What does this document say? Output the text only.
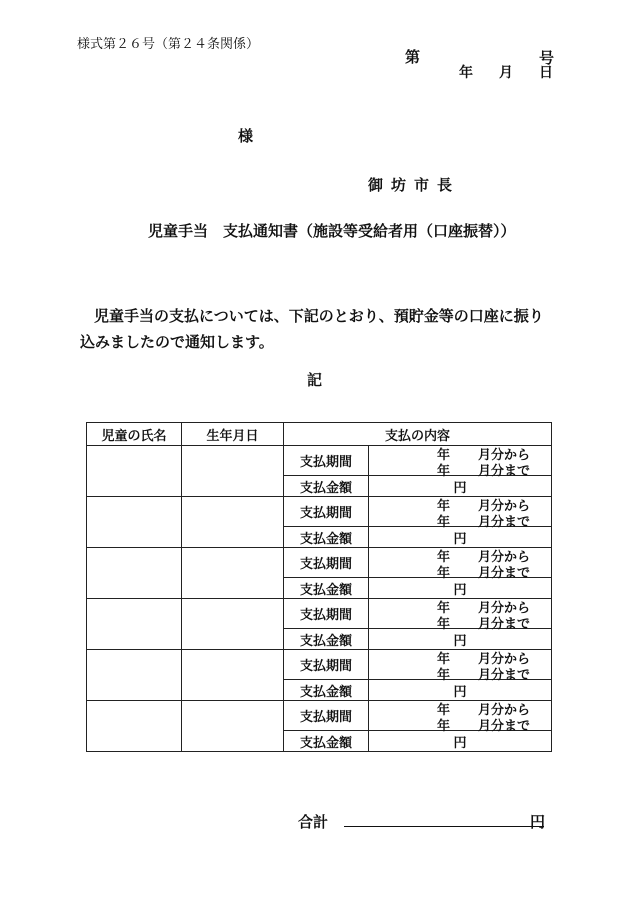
様式第２６号（第２４条関係）
第	号
年 月 日
様
御坊市長
児童手当　支払通知書（施設等受給者用（口座振替））
児童手当の支払については、下記のとおり、預貯金等の口座に振り込みましたので通知します。
記
児童の氏名	生年月日	支払の内容	
		支払期間	年 月分から
年 月分まで

		支払金額	円
		支払期間	年 月分から
年 月分まで

		支払金額	円
		支払期間	年 月分から
年 月分まで

		支払金額	円
		支払期間	年 月分から
年 月分まで

		支払金額	円
		支払期間	年 月分から
年 月分まで

		支払金額	円
		支払期間	年 月分から
年 月分まで

		支払金額	円
合計	円
